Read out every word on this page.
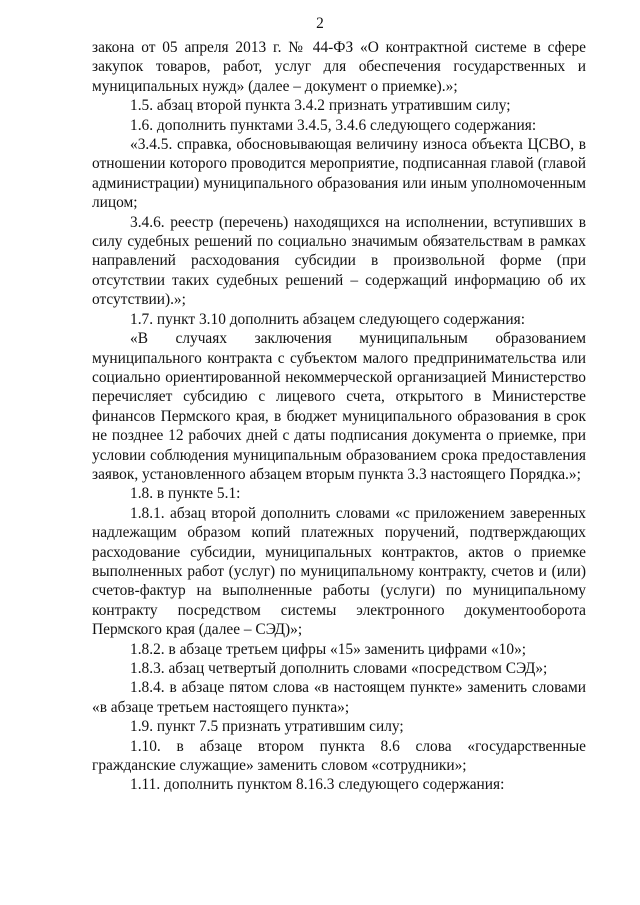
2

закона от 05 апреля 2013 г. № 44-ФЗ «О контрактной системе в сфере закупок товаров, работ, услуг для обеспечения государственных и муниципальных нужд» (далее – документ о приемке).»;

1.5. абзац второй пункта 3.4.2 признать утратившим силу;

1.6. дополнить пунктами 3.4.5, 3.4.6 следующего содержания:

«3.4.5. справка, обосновывающая величину износа объекта ЦСВО, в отношении которого проводится мероприятие, подписанная главой (главой администрации) муниципального образования или иным уполномоченным лицом;

3.4.6. реестр (перечень) находящихся на исполнении, вступивших в силу судебных решений по социально значимым обязательствам в рамках направлений расходования субсидии в произвольной форме (при отсутствии таких судебных решений – содержащий информацию об их отсутствии).»;

1.7. пункт 3.10 дополнить абзацем следующего содержания:

«В случаях заключения муниципальным образованием муниципального контракта с субъектом малого предпринимательства или социально ориентированной некоммерческой организацией Министерство перечисляет субсидию с лицевого счета, открытого в Министерстве финансов Пермского края, в бюджет муниципального образования в срок не позднее 12 рабочих дней с даты подписания документа о приемке, при условии соблюдения муниципальным образованием срока предоставления заявок, установленного абзацем вторым пункта 3.3 настоящего Порядка.»;

1.8. в пункте 5.1:

1.8.1. абзац второй дополнить словами «с приложением заверенных надлежащим образом копий платежных поручений, подтверждающих расходование субсидии, муниципальных контрактов, актов о приемке выполненных работ (услуг) по муниципальному контракту, счетов и (или) счетов-фактур на выполненные работы (услуги) по муниципальному контракту посредством системы электронного документооборота Пермского края (далее – СЭД)»;

1.8.2. в абзаце третьем цифры «15» заменить цифрами «10»;

1.8.3. абзац четвертый дополнить словами «посредством СЭД»;

1.8.4. в абзаце пятом слова «в настоящем пункте» заменить словами «в абзаце третьем настоящего пункта»;

1.9. пункт 7.5 признать утратившим силу;

1.10. в абзаце втором пункта 8.6 слова «государственные гражданские служащие» заменить словом «сотрудники»;

1.11. дополнить пунктом 8.16.3 следующего содержания:
